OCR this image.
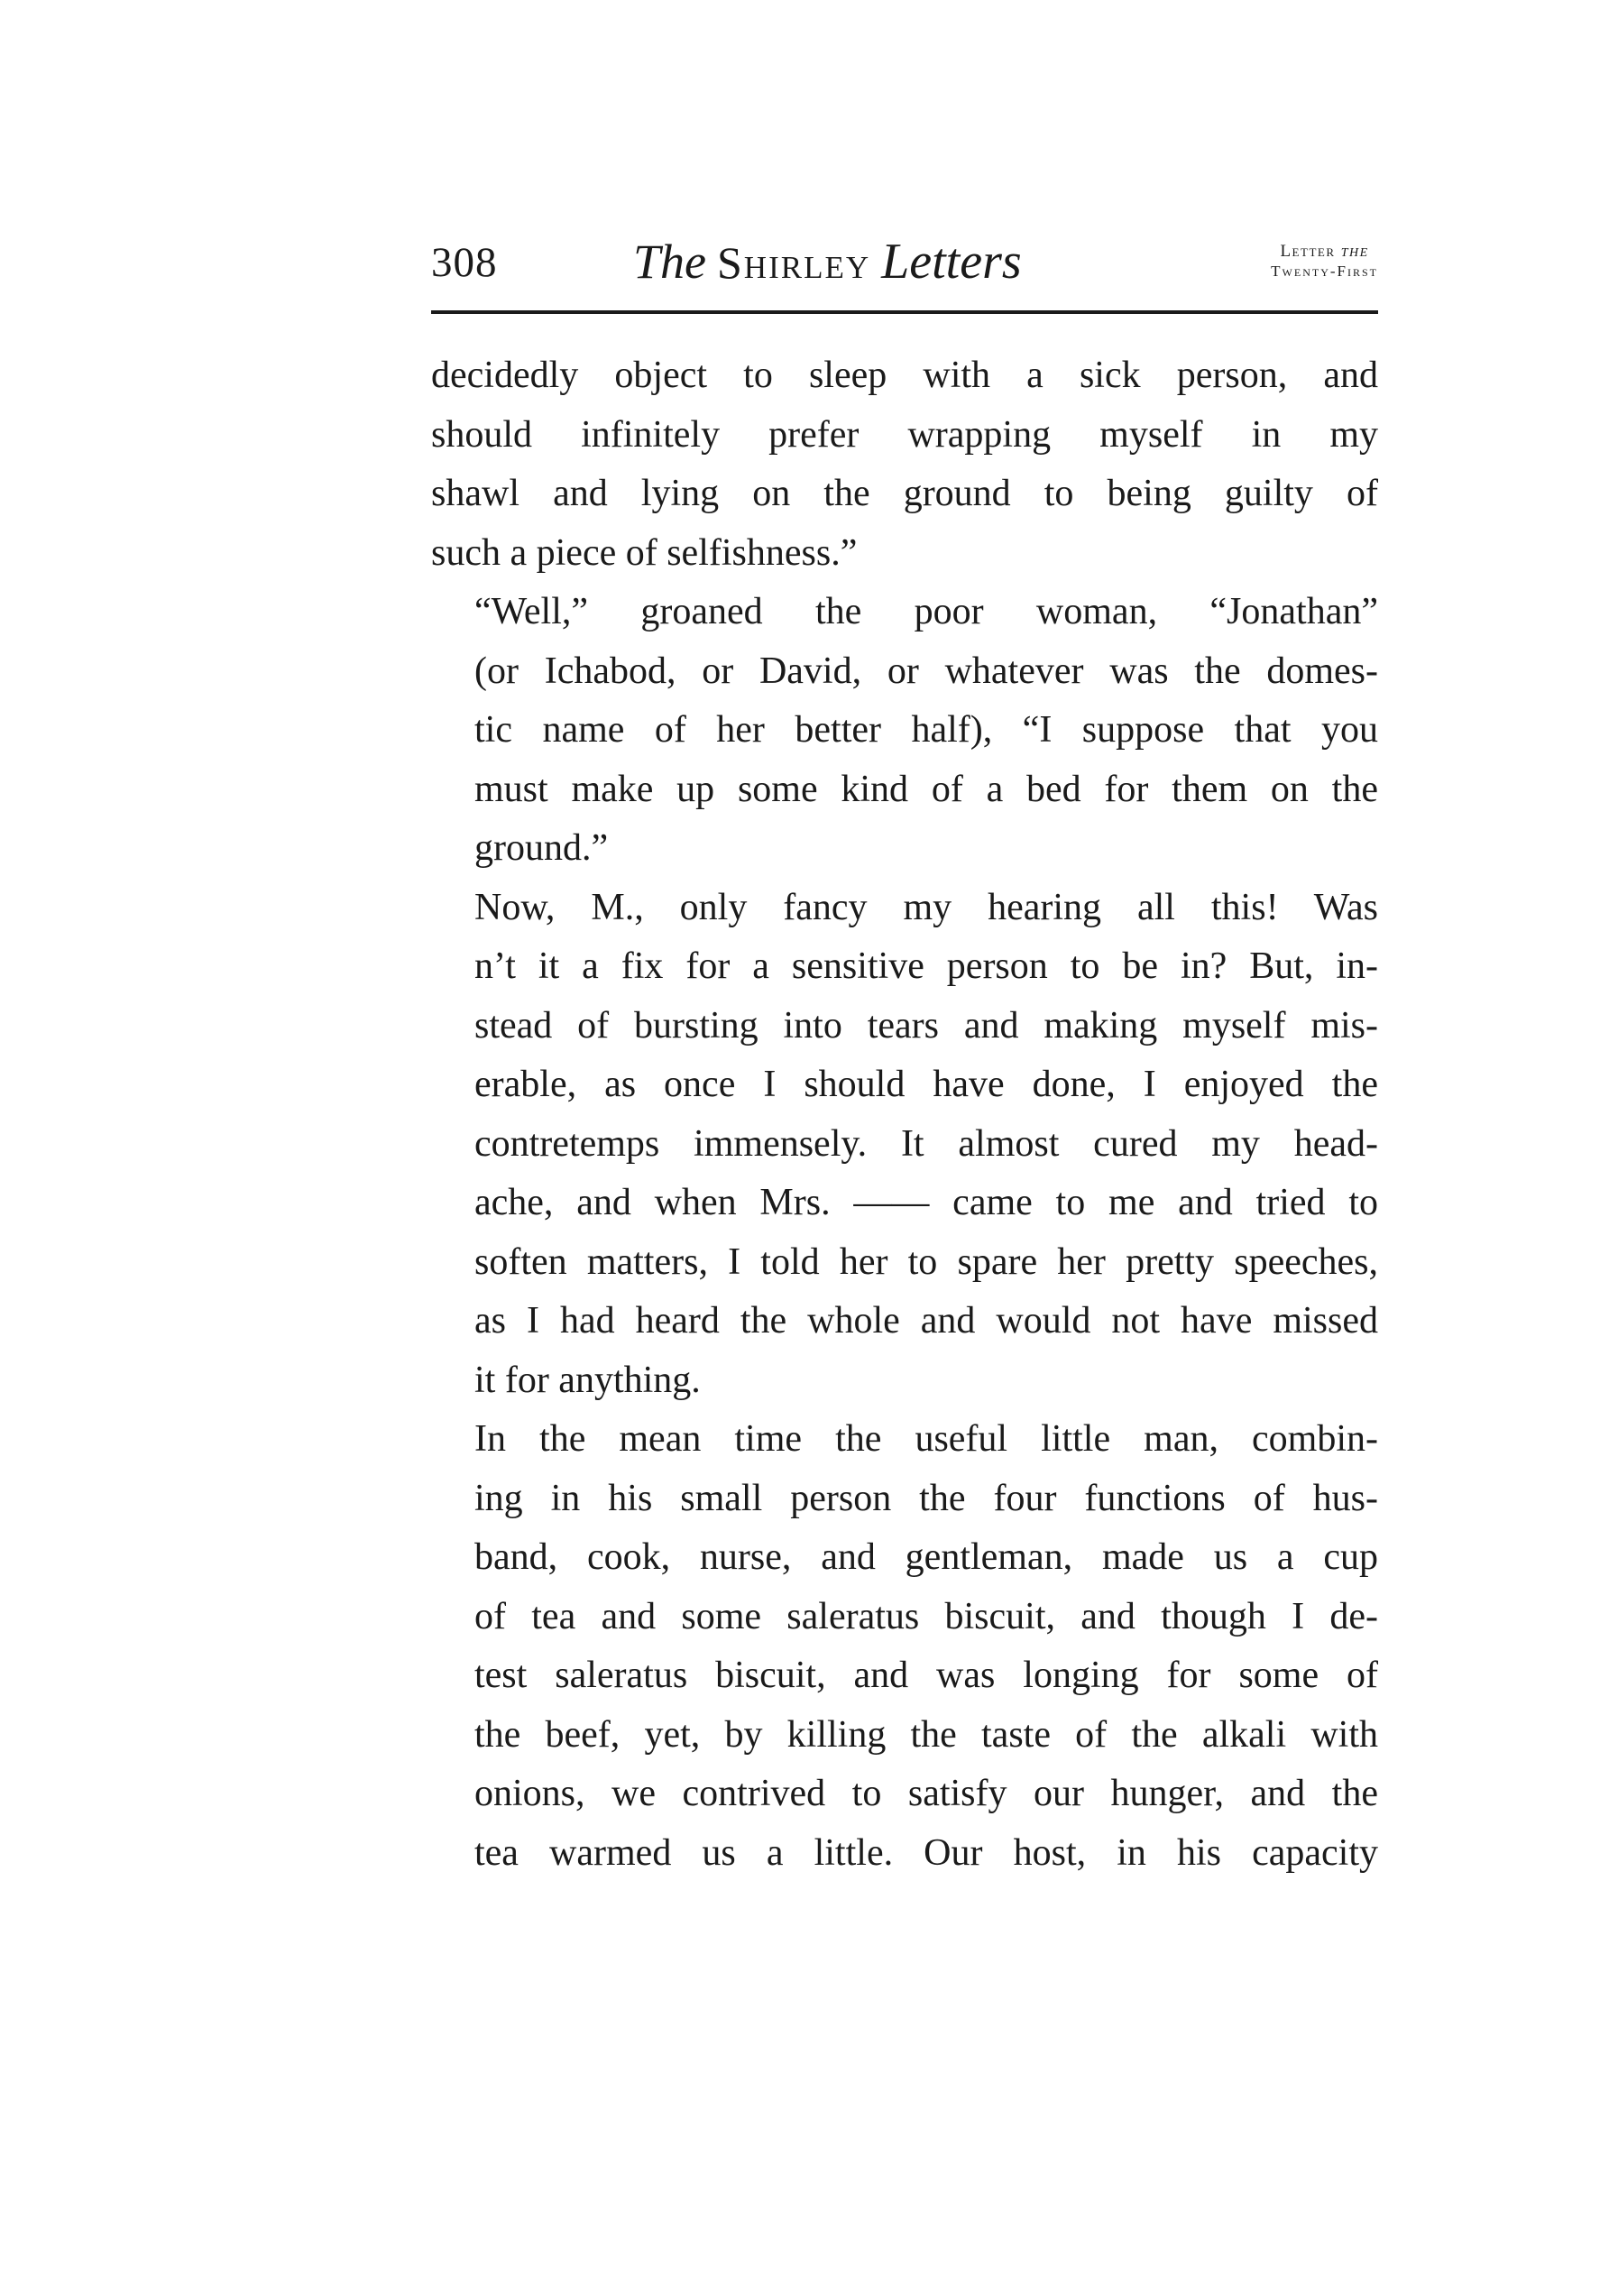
308	The Shirley Letters	Letter the
Twenty-First

decidedly object to sleep with a sick person, and
should infinitely prefer wrapping myself in my
shawl and lying on the ground to being guilty of
such a piece of selfishness.”

“Well,” groaned the poor woman, “Jonathan”
(or Ichabod, or David, or whatever was the domes-
tic name of her better half), “I suppose that you
must make up some kind of a bed for them on the
ground.”

Now, M., only fancy my hearing all this! Was
n’t it a fix for a sensitive person to be in? But, in-
stead of bursting into tears and making myself mis-
erable, as once I should have done, I enjoyed the
contretemps immensely. It almost cured my head-
ache, and when Mrs. —— came to me and tried to
soften matters, I told her to spare her pretty speeches,
as I had heard the whole and would not have missed
it for anything.

In the mean time the useful little man, combin-
ing in his small person the four functions of hus-
band, cook, nurse, and gentleman, made us a cup
of tea and some saleratus biscuit, and though I de-
test saleratus biscuit, and was longing for some of
the beef, yet, by killing the taste of the alkali with
onions, we contrived to satisfy our hunger, and the
tea warmed us a little. Our host, in his capacity
